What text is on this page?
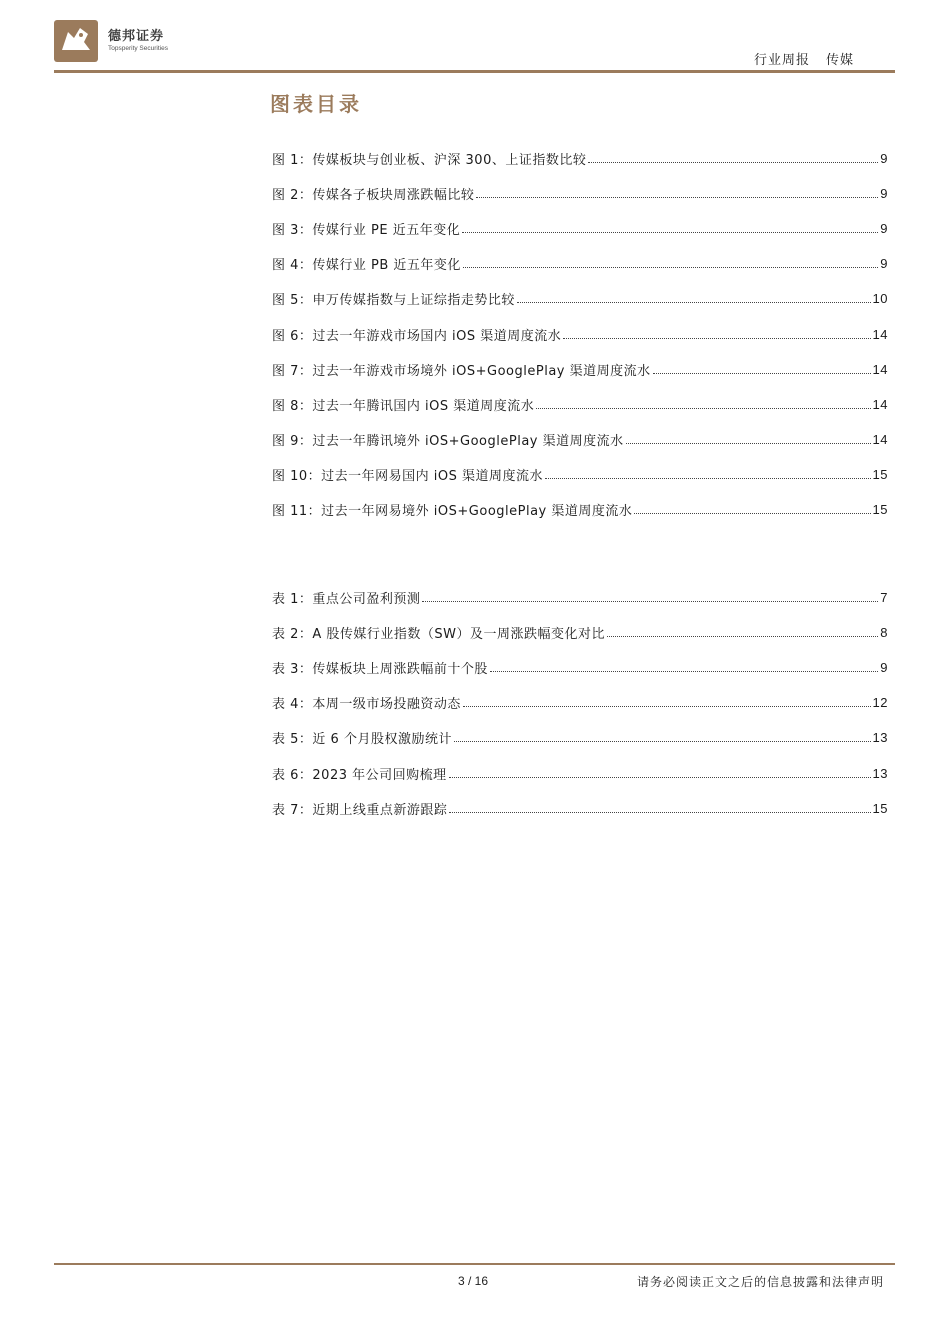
德邦证券
Topsperity Securities
行业周报 传媒
图表目录
图 1：传媒板块与创业板、沪深 300、上证指数比较	9
图 2：传媒各子板块周涨跌幅比较	9
图 3：传媒行业 PE 近五年变化	9
图 4：传媒行业 PB 近五年变化	9
图 5：申万传媒指数与上证综指走势比较	10
图 6：过去一年游戏市场国内 iOS 渠道周度流水	14
图 7：过去一年游戏市场境外 iOS+GooglePlay 渠道周度流水	14
图 8：过去一年腾讯国内 iOS 渠道周度流水	14
图 9：过去一年腾讯境外 iOS+GooglePlay 渠道周度流水	14
图 10：过去一年网易国内 iOS 渠道周度流水	15
图 11：过去一年网易境外 iOS+GooglePlay 渠道周度流水	15
表 1：重点公司盈利预测	7
表 2：A 股传媒行业指数（SW）及一周涨跌幅变化对比	8
表 3：传媒板块上周涨跌幅前十个股	9
表 4：本周一级市场投融资动态	12
表 5：近 6 个月股权激励统计	13
表 6：2023 年公司回购梳理	13
表 7：近期上线重点新游跟踪	15
3 / 16	请务必阅读正文之后的信息披露和法律声明
